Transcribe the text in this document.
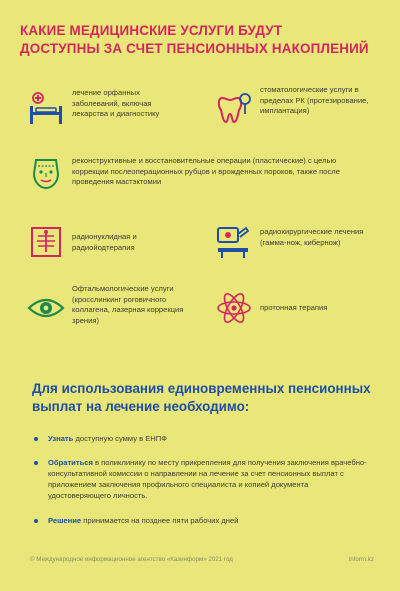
КАКИЕ МЕДИЦИНСКИЕ УСЛУГИ БУДУТ
ДОСТУПНЫ ЗА СЧЕТ ПЕНСИОННЫХ НАКОПЛЕНИЙ
лечение орфанных заболеваний, включая лекарства и диагностику
стоматологические услуги в пределах РК (протезирование, имплантация)
реконструктивные и восстановительные операции (пластические) с целью коррекции послеоперационных рубцов и врожденных пороков, также после проведения мастэктомии
радионуклидная и радиойодтерапия
радиохирургические лечения (гамма-нож, кибернож)
Офтальмологические услуги (кросслинкинг роговичного коллагена, лазерная коррекция зрения)
протонная терапия
Для использования единовременных пенсионных выплат на лечение необходимо:
Узнать доступную сумму в ЕНПФ
Обратиться в поликлинику по месту прикрепления для получения заключения врачебно-консультативной комиссии о направлении на лечение за счет пенсионных выплат с приложением заключения профильного специалиста и копией документа удостоверяющего личность.
Решение принимается на позднее пяти рабочих дней
© Международное информационное агентство «Казинформ» 2021 год	inform.kz
